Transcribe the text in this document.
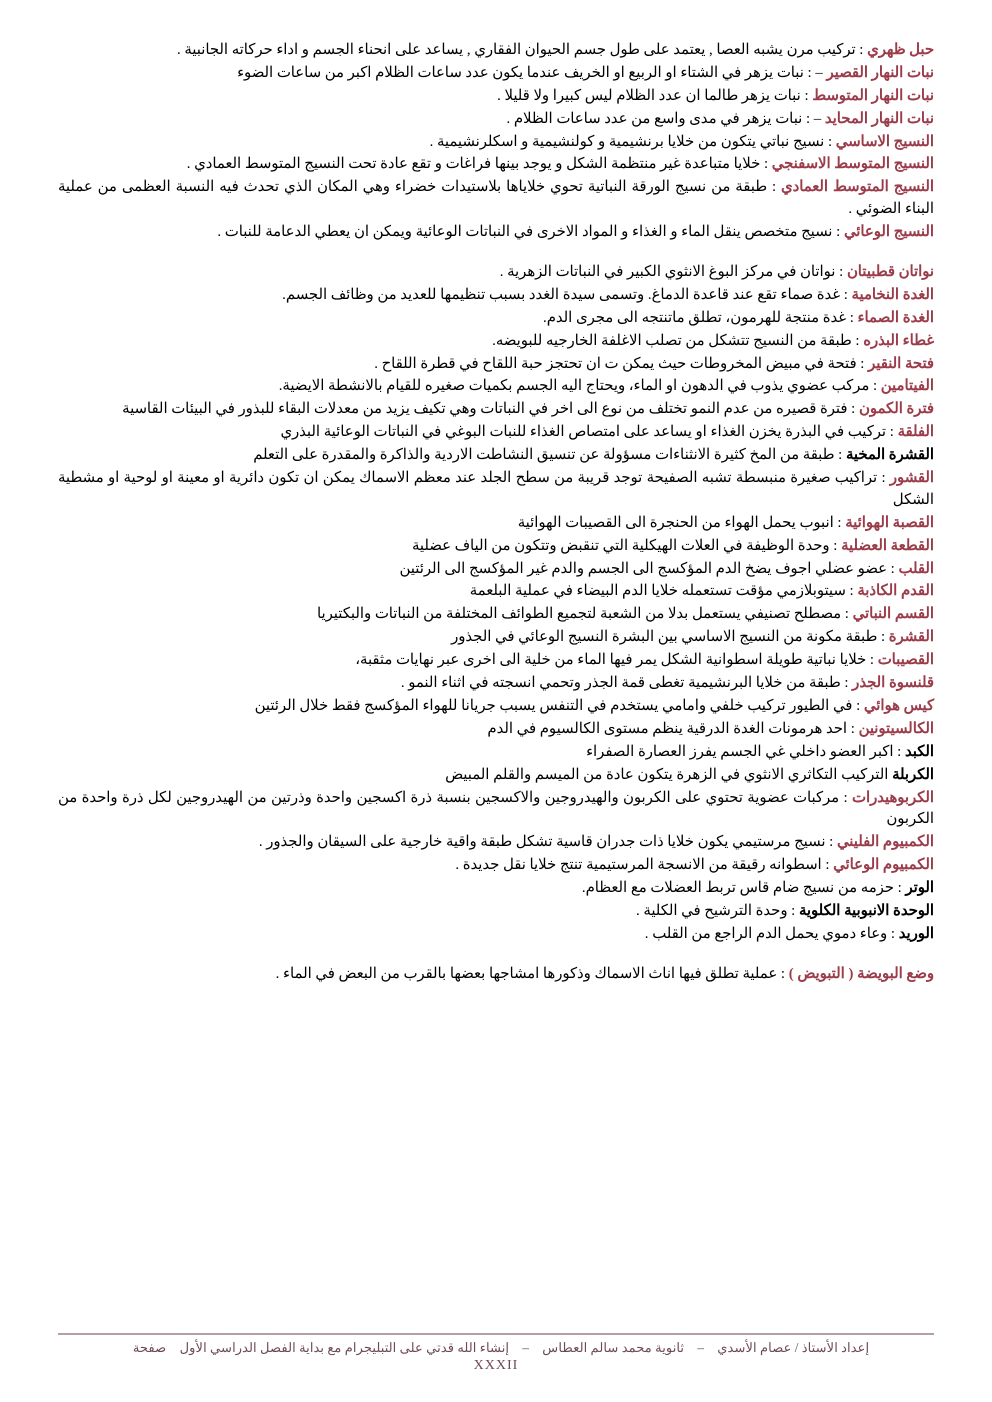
حبل ظهري : تركيب مرن يشبه العصا , يعتمد على طول جسم الحيوان الفقاري , يساعد على انحناء الجسم و اداء حركاته الجانبية .

نبات النهار القصير – : نبات يزهر في الشتاء او الربيع او الخريف عندما يكون عدد ساعات الظلام اكبر من ساعات الضوء

نبات النهار المتوسط : نبات يزهر طالما ان عدد الظلام ليس كبيرا ولا قليلا .

نبات النهار المحايد – : نبات يزهر في مدى واسع من عدد ساعات الظلام .

النسيج الاساسي : نسيج نباتي يتكون من خلايا برنشيمية و كولنشيمية و اسكلرنشيمية .

النسيج المتوسط الاسفنجي : خلايا متباعدة غير منتظمة الشكل و يوجد بينها فراغات و تقع عادة تحت النسيج المتوسط العمادي .

النسيج المتوسط العمادي : طبقة من نسيج الورقة النباتية تحوي خلاياها بلاستيدات خضراء وهي المكان الذي تحدث فيه النسبة العظمى من عملية البناء الضوئي .

النسيج الوعائي : نسيج متخصص ينقل الماء و الغذاء و المواد الاخرى في النباتات الوعائية ويمكن ان يعطي الدعامة للنبات .

نواتان قطبيتان : نواتان في مركز البوغ الانثوي الكبير في النباتات الزهرية .

الغدة النخامية : غدة صماء تقع عند قاعدة الدماغ. وتسمى سيدة الغدد بسبب تنظيمها للعديد من وظائف الجسم.

الغدة الصماء : غدة منتجة للهرمون، تطلق ماتنتجه الى مجرى الدم.

غطاء البذره : طبقة من النسيج تتشكل من تصلب الاغلفة الخارجيه للبويضه.

فتحة النقير : فتحة في مبيض المخروطات حيث يمكن ت ان تحتجز حبة اللقاح في قطرة اللقاح .

الفيتامين : مركب عضوي يذوب في الدهون او الماء، ويحتاج اليه الجسم بكميات صغيره للقيام بالانشطة الايضية.

فترة الكمون : فترة قصيره من عدم النمو تختلف من نوع الى اخر في النباتات وهي تكيف يزيد من معدلات البقاء للبذور في البيئات القاسية

الفلقة : تركيب في البذرة يخزن الغذاء او يساعد على امتصاص الغذاء للنبات البوغي في النباتات الوعائية البذري

القشرة المخية : طبقة من المخ كثيرة الانثناءات مسؤولة عن تنسيق النشاطت الاردية والذاكرة والمقدرة على التعلم

القشور : تراكيب صغيرة منبسطة تشبه الصفيحة توجد قريبة من سطح الجلد عند معظم الاسماك يمكن ان تكون دائرية او معينة او لوحية او مشطية الشكل

القصبة الهوائية : انبوب يحمل الهواء من الحنجرة الى القصيبات الهوائية

القطعة العضلية : وحدة الوظيفة في العلات الهيكلية التي تنقبض وتتكون من الياف عضلية

القلب : عضو عضلي اجوف يضخ الدم المؤكسج الى الجسم والدم غير المؤكسج الى الرئتين

القدم الكاذبة : سيتوبلازمي مؤقت تستعمله خلايا الدم البيضاء في عملية البلعمة

القسم النباتي : مصطلح تصنيفي يستعمل بدلا من الشعبة لتجميع الطوائف المختلفة من النباتات والبكتيريا

القشرة : طبقة مكونة من النسيج الاساسي بين البشرة النسيج الوعائي في الجذور

القصيبات : خلايا نباتية طويلة اسطوانية الشكل يمر فيها الماء من خلية الى اخرى عبر نهايات مثقبة،

قلنسوة الجذر : طبقة من خلايا البرنشيمية تغطى قمة الجذر وتحمي انسجته في اثناء النمو .

كيس هوائي : في الطيور تركيب خلفي وامامي يستخدم في التنفس يسبب جريانا للهواء المؤكسج فقط خلال الرئتين

الكالسيتونين : احد هرمونات الغدة الدرقية ينظم مستوى الكالسيوم في الدم

الكبد : اكبر العضو داخلي غي الجسم يفرز العصارة الصفراء

الكربلة التركيب التكاثري الانثوي في الزهرة يتكون عادة من الميسم والقلم المبيض

الكربوهيدرات : مركبات عضوية تحتوي على الكربون والهيدروجين والاكسجين بنسبة ذرة اكسجين واحدة وذرتين من الهيدروجين لكل ذرة واحدة من الكربون

الكمبيوم الفليني : نسيج مرستيمي يكون خلايا ذات جدران قاسية تشكل طبقة واقية خارجية على السيقان والجذور .

الكمبيوم الوعائي : اسطوانه رقيقة من الانسجة المرستيمية تنتج خلايا نقل جديدة .

الوتر : حزمه من نسيج ضام قاس تربط العضلات مع العظام.

الوحدة الانبوبية الكلوية : وحدة الترشيح في الكلية .

الوريد : وعاء دموي يحمل الدم الراجع من القلب .

وضع البويضة ( التبويض ) : عملية تطلق فيها اناث الاسماك وذكورها امشاجها بعضها بالقرب من البعض في الماء .

إعداد الأستاذ / عصام الأسدي – ثانوية محمد سالم العطاس – إنشاء الله قدتي على التبليجرام مع بداية الفصل الدراسي الأول صفحة
XXXII
